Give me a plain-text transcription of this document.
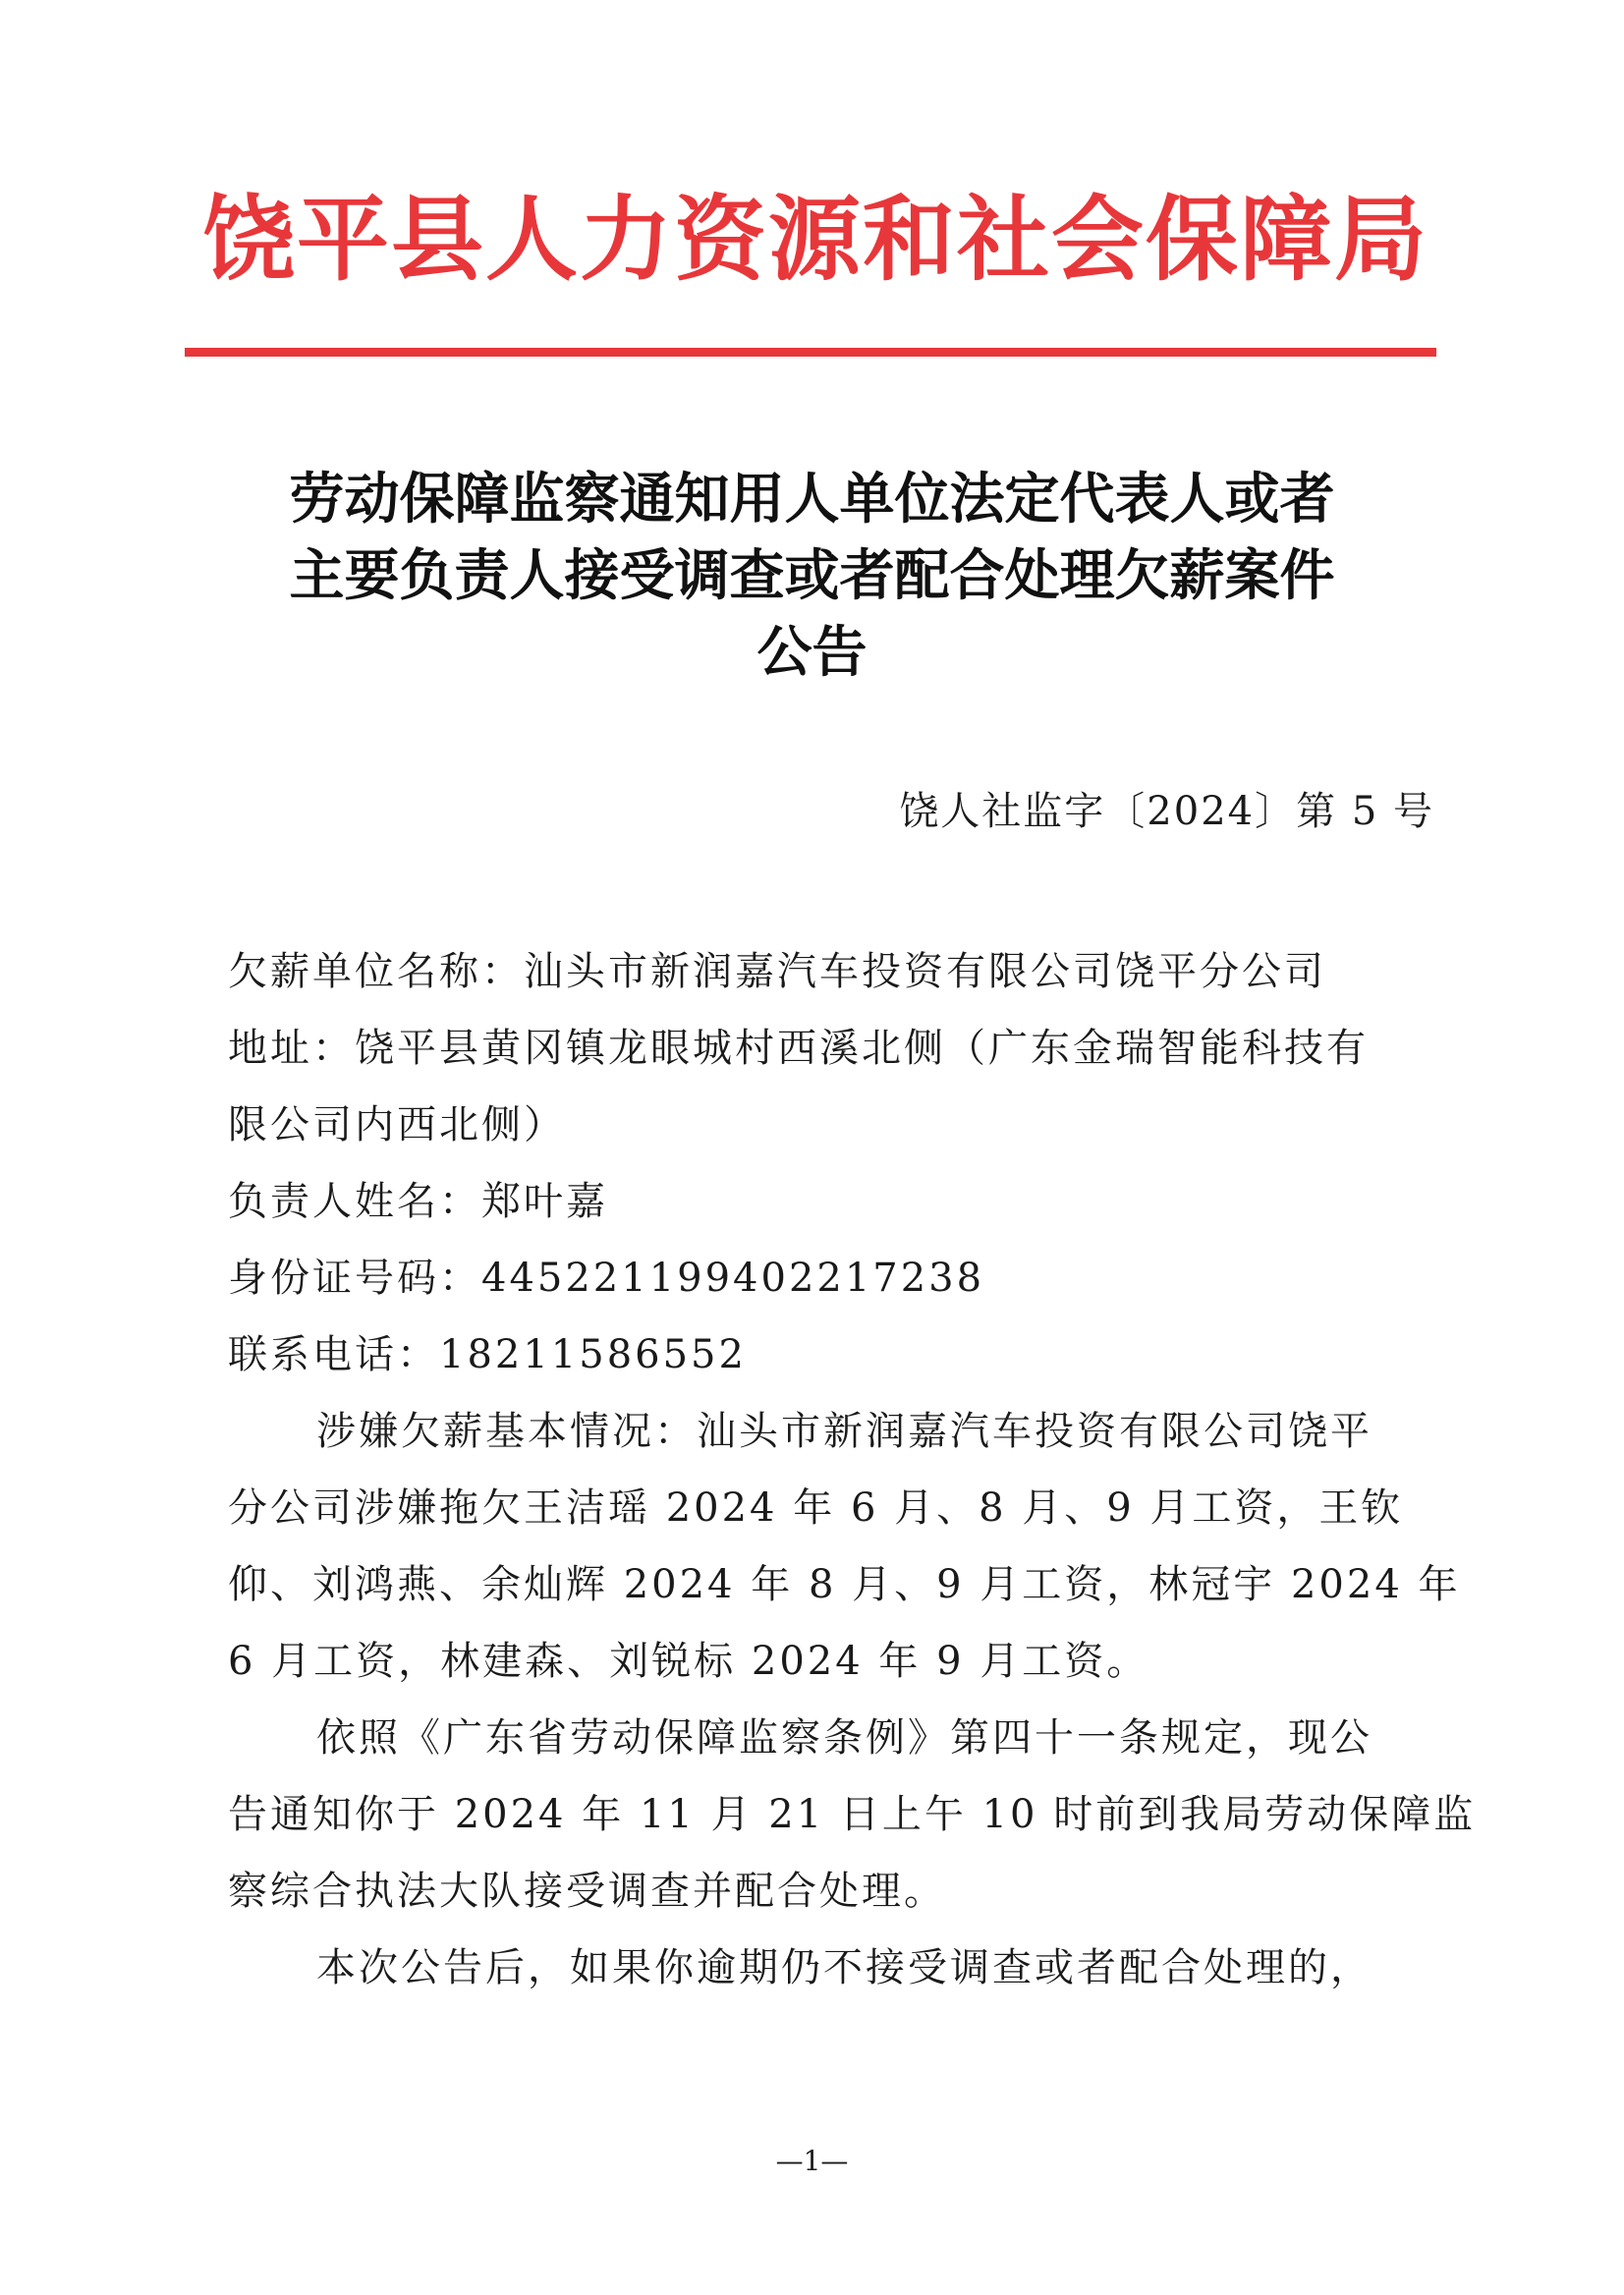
饶平县人力资源和社会保障局
劳动保障监察通知用人单位法定代表人或者
主要负责人接受调查或者配合处理欠薪案件
公告
饶人社监字〔2024〕第 5 号
欠薪单位名称：汕头市新润嘉汽车投资有限公司饶平分公司
地址：饶平县黄冈镇龙眼城村西溪北侧（广东金瑞智能科技有
限公司内西北侧）
负责人姓名：郑叶嘉
身份证号码：445221199402217238
联系电话：18211586552
涉嫌欠薪基本情况：汕头市新润嘉汽车投资有限公司饶平
分公司涉嫌拖欠王洁瑶 2024 年 6 月、8 月、9 月工资，王钦
仰、刘鸿燕、余灿辉 2024 年 8 月、9 月工资，林冠宇 2024 年
6 月工资，林建森、刘锐标 2024 年 9 月工资。
依照《广东省劳动保障监察条例》第四十一条规定，现公
告通知你于 2024 年 11 月 21 日上午 10 时前到我局劳动保障监
察综合执法大队接受调查并配合处理。
本次公告后，如果你逾期仍不接受调查或者配合处理的，
—1—
